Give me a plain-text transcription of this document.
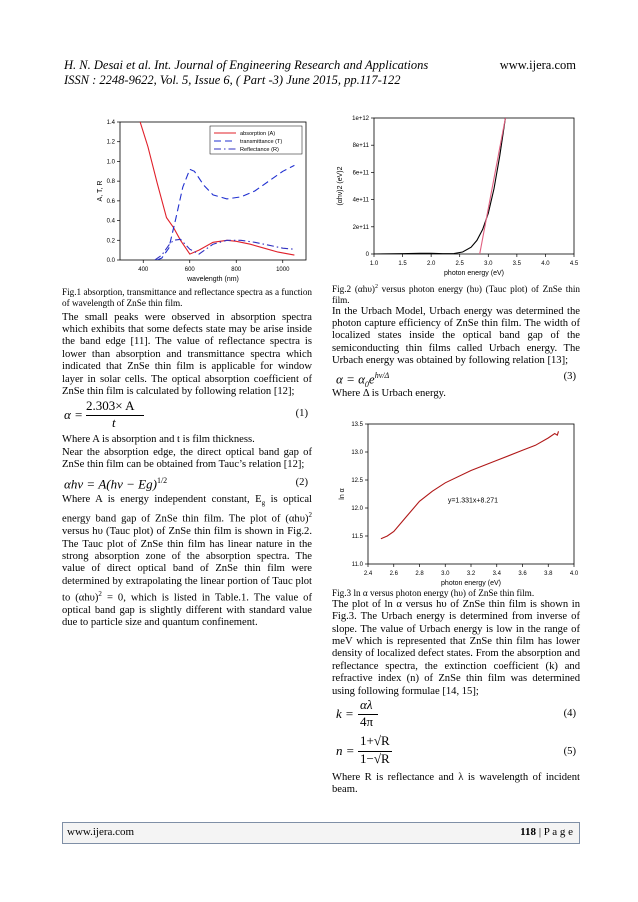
H. N. Desai et al. Int. Journal of Engineering Research and Applications	www.ijera.com
ISSN : 2248-9622, Vol. 5, Issue 6, ( Part -3) June 2015, pp.117-122
400	600	800	1000
0.0
0.2
0.4
0.6
0.8
1.0
1.2
1.4
wavelength (nm)
A, T, R
absorption (A)
transmittance (T)
Reflectance (R)

Fig.1 absorption, transmittance and reflectance spectra as a function of wavelength of ZnSe thin film.

The small peaks were observed in absorption spectra which exhibits that some defects state may be arise inside the band edge [11]. The value of reflectance spectra is lower than absorption and transmittance spectra which indicated that ZnSe thin film is applicable for window layer in solar cells. The optical absorption coefficient of ZnSe thin film is calculated by following relation [12];

α =
2.303× A
t
(1)

Where A is absorption and t is film thickness.

Near the absorption edge, the direct optical band gap of ZnSe thin film can be obtained from Tauc’s relation [12];

$\alpha h\nu = A(h\nu - Eg)^{1/2}$	(2)

Where A is energy independent constant, $E_g$ is optical energy band gap of ZnSe thin film. The plot of $(\alpha h\upsilon)^2$ versus hυ (Tauc plot) of ZnSe thin film is shown in Fig.2. The Tauc plot of ZnSe thin film has linear nature in the strong absorption zone of the absorption spectra. The value of direct optical band of ZnSe thin film were determined by extrapolating the linear portion of Tauc plot to $(\alpha h\upsilon)^2 = 0$, which is listed in Table.1. The value of optical band gap is slightly different with standard value due to particle size and quantum confinement.

1.0	1.5	2.0	2.5	3.0	3.5	4.0	4.5
0
2e+11
4e+11
6e+11
8e+11
1e+12
photon energy (eV)
(αhν)2 (eV)2

Fig.2 $(\alpha h\upsilon)^2$ versus photon energy (hυ) (Tauc plot) of ZnSe thin film.

In the Urbach Model, Urbach energy was determined the photon capture efficiency of ZnSe thin film. The width of localized states inside the optical band gap of the semiconducting thin films called Urbach energy. The Urbach energy was obtained by following relation [13];

$\alpha = \alpha_0e^{h\nu/\Delta}$	(3)

Where Δ is Urbach energy.

2.4	2.6	2.8	3.0	3.2	3.4	3.6	3.8	4.0
11.0
11.5
12.0
12.5
13.0
13.5
photon energy (eV)
ln α
y=1.331x+8.271

Fig.3 ln α versus photon energy (hυ) of ZnSe thin film.

The plot of ln α versus hυ of ZnSe thin film is shown in Fig.3. The Urbach energy is determined from inverse of slope. The value of Urbach energy is low in the range of meV which is represented that ZnSe thin film has lower density of localized defect states. From the absorption and reflectance spectra, the extinction coefficient (k) and refractive index (n) of ZnSe thin film was determined using following formulae [14, 15];

k =
αλ
4π
(4)
n =
1+√R
1−√R	(5)

Where R is reflectance and λ is wavelength of incident beam.

www.ijera.com	118 | P a g e
